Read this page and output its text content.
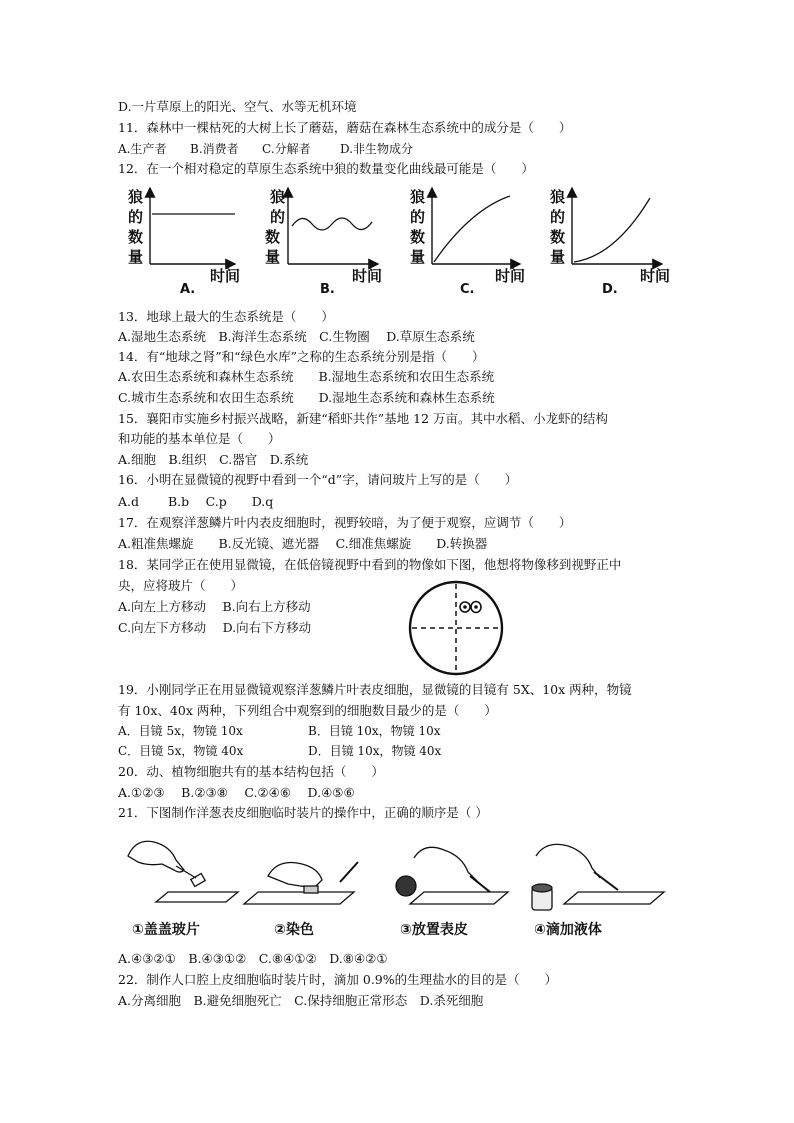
D.一片草原上的阳光、空气、水等无机环境
11．森林中一棵枯死的大树上长了蘑菇，蘑菇在森林生态系统中的成分是（　　）
A.生产者 B.消费者 C.分解者 D.非生物成分
12．在一个相对稳定的草原生态系统中狼的数量变化曲线最可能是（　　）
狼
的
数
量
时间
狼
的
数
量
时间
狼
的
数
量
时间
狼
的
数
量
时间
A.	B.	C.	D.
13．地球上最大的生态系统是（　　）
A.湿地生态系统　B.海洋生态系统　C.生物圈　 D.草原生态系统
14．有“地球之肾”和“绿色水库”之称的生态系统分别是指（　　）
A.农田生态系统和森林生态系统　　B.湿地生态系统和农田生态系统
C.城市生态系统和农田生态系统　　D.湿地生态系统和森林生态系统
15．襄阳市实施乡村振兴战略，新建“稻虾共作”基地 12 万亩。其中水稻、小龙虾的结构
和功能的基本单位是（　　）
A.细胞　B.组织　C.器官　D.系统
16．小明在显微镜的视野中看到一个“d”字，请问玻片上写的是（　　）
A.d　　 B.b　 C.p　　D.q
17．在观察洋葱鳞片叶内表皮细胞时，视野较暗，为了便于观察，应调节（　　）
A.粗准焦螺旋　　B.反光镜、遮光器　 C.细准焦螺旋　　D.转换器
18．某同学正在使用显微镜，在低倍镜视野中看到的物像如下图，他想将物像移到视野正中
央，应将玻片（　　）
A.向左上方移动　 B.向右上方移动
C.向左下方移动　 D.向右下方移动
19．小刚同学正在用显微镜观察洋葱鳞片叶表皮细胞，显微镜的目镜有 5X、10x 两种，物镜
有 10x、40x 两种，下列组合中观察到的细胞数目最少的是（　　）
A．目镜 5x，物镜 10x	B．目镜 10x，物镜 10x
C．目镜 5x，物镜 40x	D．目镜 10x，物镜 40x
20．动、植物细胞共有的基本结构包括（　　）
A.①②③　 B.②③⑧　 C.②④⑥　 D.④⑤⑥
21．下图制作洋葱表皮细胞临时装片的操作中，正确的顺序是（ ）
①盖盖玻片	②染色	③放置表皮	④滴加液体
A.④③②①　B.④③①②　C.⑧④①②　D.⑧④②①
22．制作人口腔上皮细胞临时装片时，滴加 0.9%的生理盐水的目的是（　　）
A.分离细胞　B.避免细胞死亡　C.保持细胞正常形态　D.杀死细胞
